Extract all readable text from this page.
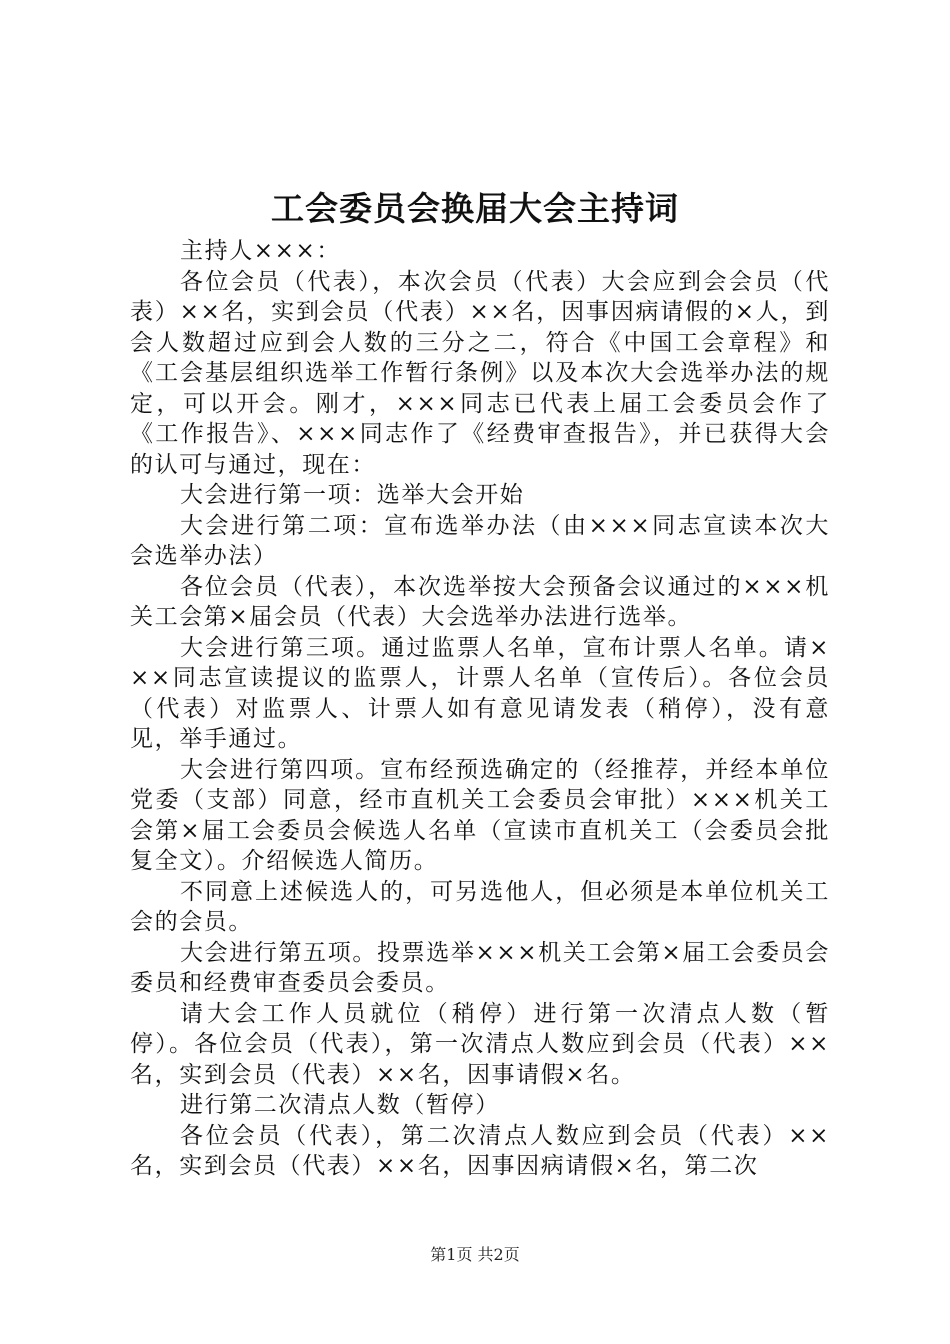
工会委员会换届大会主持词

主持人×××：

各位会员（代表），本次会员（代表）大会应到会会员（代表）××名，实到会员（代表）××名，因事因病请假的×人，到会人数超过应到会人数的三分之二，符合《中国工会章程》和《工会基层组织选举工作暂行条例》以及本次大会选举办法的规定，可以开会。刚才，×××同志已代表上届工会委员会作了《工作报告》、×××同志作了《经费审查报告》，并已获得大会的认可与通过，现在：

大会进行第一项：选举大会开始

大会进行第二项：宣布选举办法（由×××同志宣读本次大会选举办法）

各位会员（代表），本次选举按大会预备会议通过的×××机关工会第×届会员（代表）大会选举办法进行选举。

大会进行第三项。通过监票人名单，宣布计票人名单。请×××同志宣读提议的监票人，计票人名单（宣传后）。各位会员（代表）对监票人、计票人如有意见请发表（稍停），没有意见，举手通过。

大会进行第四项。宣布经预选确定的（经推荐，并经本单位党委（支部）同意，经市直机关工会委员会审批）×××机关工会第×届工会委员会候选人名单（宣读市直机关工（会委员会批复全文）。介绍候选人简历。

不同意上述候选人的，可另选他人，但必须是本单位机关工会的会员。

大会进行第五项。投票选举×××机关工会第×届工会委员会委员和经费审查委员会委员。

请大会工作人员就位（稍停）进行第一次清点人数（暂停）。各位会员（代表），第一次清点人数应到会员（代表）××名，实到会员（代表）××名，因事请假×名。

进行第二次清点人数（暂停）

各位会员（代表），第二次清点人数应到会员（代表）××名，实到会员（代表）××名，因事因病请假×名，第二次

第1页 共2页
